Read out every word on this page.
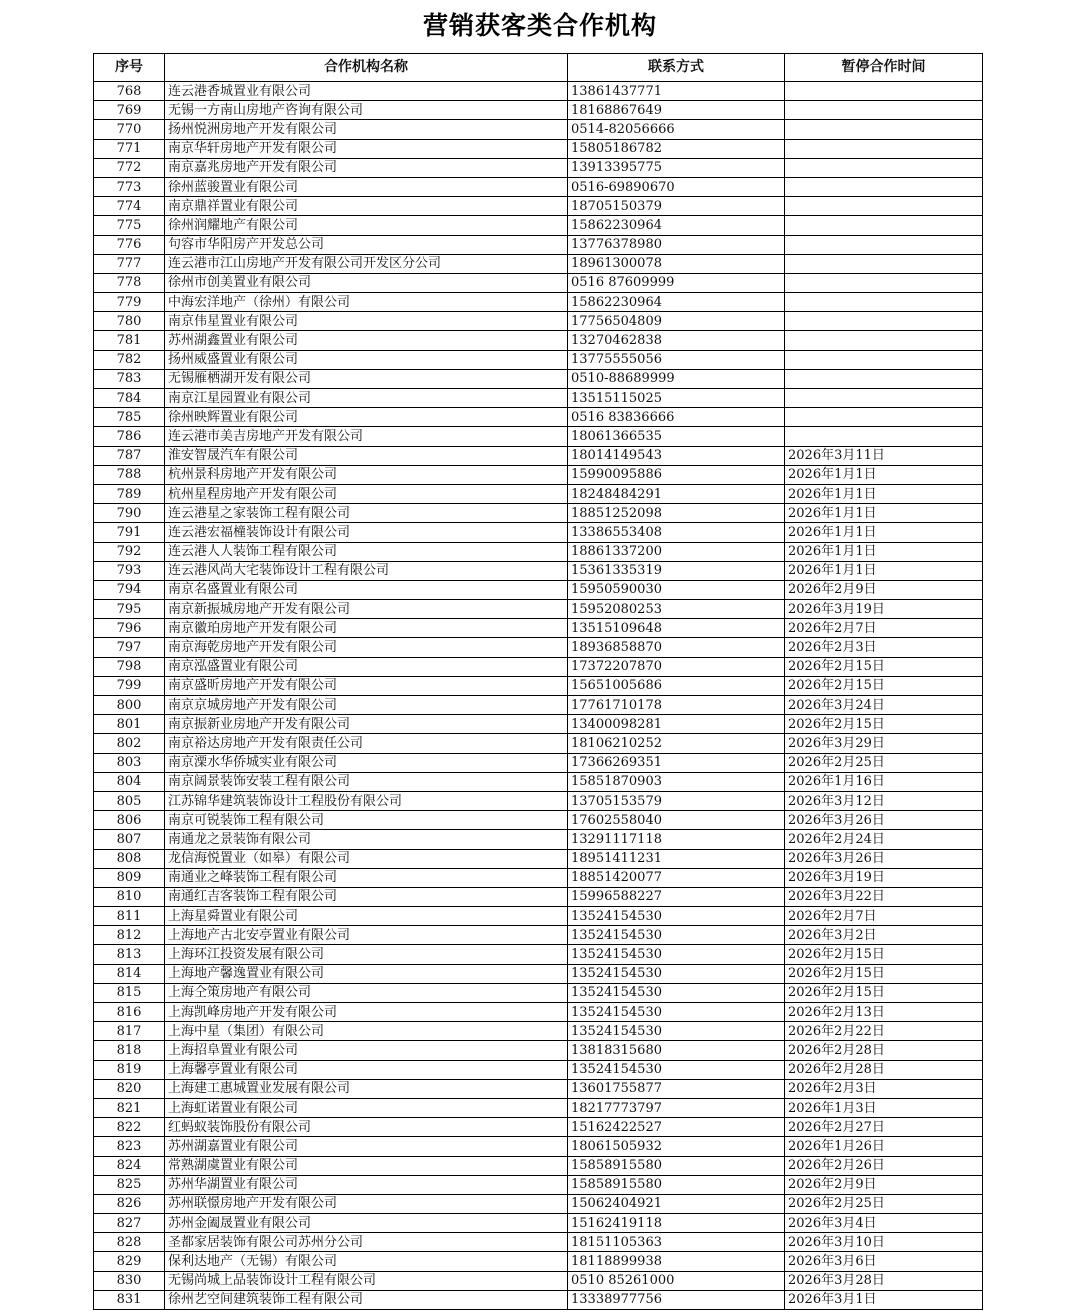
营销获客类合作机构
序号	合作机构名称	联系方式	暂停合作时间
768	连云港香城置业有限公司	13861437771	
769	无锡一方南山房地产咨询有限公司	18168867649	
770	扬州悦洲房地产开发有限公司	0514-82056666	
771	南京华轩房地产开发有限公司	15805186782	
772	南京嘉兆房地产开发有限公司	13913395775	
773	徐州蓝骏置业有限公司	0516-69890670	
774	南京鼎祥置业有限公司	18705150379	
775	徐州润耀地产有限公司	15862230964	
776	句容市华阳房产开发总公司	13776378980	
777	连云港市江山房地产开发有限公司开发区分公司	18961300078	
778	徐州市创美置业有限公司	0516 87609999	
779	中海宏洋地产（徐州）有限公司	15862230964	
780	南京伟星置业有限公司	17756504809	
781	苏州湖鑫置业有限公司	13270462838	
782	扬州威盛置业有限公司	13775555056	
783	无锡雁栖湖开发有限公司	0510-88689999	
784	南京江星园置业有限公司	13515115025	
785	徐州映辉置业有限公司	0516 83836666	
786	连云港市美吉房地产开发有限公司	18061366535	
787	淮安智晟汽车有限公司	18014149543	2026年3月11日
788	杭州景科房地产开发有限公司	15990095886	2026年1月1日
789	杭州星程房地产开发有限公司	18248484291	2026年1月1日
790	连云港星之家装饰工程有限公司	18851252098	2026年1月1日
791	连云港宏福橦装饰设计有限公司	13386553408	2026年1月1日
792	连云港人人装饰工程有限公司	18861337200	2026年1月1日
793	连云港风尚大宅装饰设计工程有限公司	15361335319	2026年1月1日
794	南京名盛置业有限公司	15950590030	2026年2月9日
795	南京新振城房地产开发有限公司	15952080253	2026年3月19日
796	南京徽珀房地产开发有限公司	13515109648	2026年2月7日
797	南京海乾房地产开发有限公司	18936858870	2026年2月3日
798	南京泓盛置业有限公司	17372207870	2026年2月15日
799	南京盛昕房地产开发有限公司	15651005686	2026年2月15日
800	南京京城房地产开发有限公司	17761710178	2026年3月24日
801	南京振新业房地产开发有限公司	13400098281	2026年2月15日
802	南京裕达房地产开发有限责任公司	18106210252	2026年3月29日
803	南京溧水华侨城实业有限公司	17366269351	2026年2月25日
804	南京阔景装饰安装工程有限公司	15851870903	2026年1月16日
805	江苏锦华建筑装饰设计工程股份有限公司	13705153579	2026年3月12日
806	南京可锐装饰工程有限公司	17602558040	2026年3月26日
807	南通龙之景装饰有限公司	13291117118	2026年2月24日
808	龙信海悦置业（如皋）有限公司	18951411231	2026年3月26日
809	南通业之峰装饰工程有限公司	18851420077	2026年3月19日
810	南通红吉客装饰工程有限公司	15996588227	2026年3月22日
811	上海星舜置业有限公司	13524154530	2026年2月7日
812	上海地产古北安亭置业有限公司	13524154530	2026年3月2日
813	上海环江投资发展有限公司	13524154530	2026年2月15日
814	上海地产馨逸置业有限公司	13524154530	2026年2月15日
815	上海仝策房地产有限公司	13524154530	2026年2月15日
816	上海凯峰房地产开发有限公司	13524154530	2026年2月13日
817	上海中星（集团）有限公司	13524154530	2026年2月22日
818	上海招阜置业有限公司	13818315680	2026年2月28日
819	上海馨亭置业有限公司	13524154530	2026年2月28日
820	上海建工惠城置业发展有限公司	13601755877	2026年2月3日
821	上海虹诺置业有限公司	18217773797	2026年1月3日
822	红蚂蚁装饰股份有限公司	15162422527	2026年2月27日
823	苏州湖嘉置业有限公司	18061505932	2026年1月26日
824	常熟湖虞置业有限公司	15858915580	2026年2月26日
825	苏州华湖置业有限公司	15858915580	2026年2月9日
826	苏州联憬房地产开发有限公司	15062404921	2026年2月25日
827	苏州金阖晟置业有限公司	15162419118	2026年3月4日
828	圣都家居装饰有限公司苏州分公司	18151105363	2026年3月10日
829	保利达地产（无锡）有限公司	18118899938	2026年3月6日
830	无锡尚城上品装饰设计工程有限公司	0510 85261000	2026年3月28日
831	徐州艺空间建筑装饰工程有限公司	13338977756	2026年3月1日
